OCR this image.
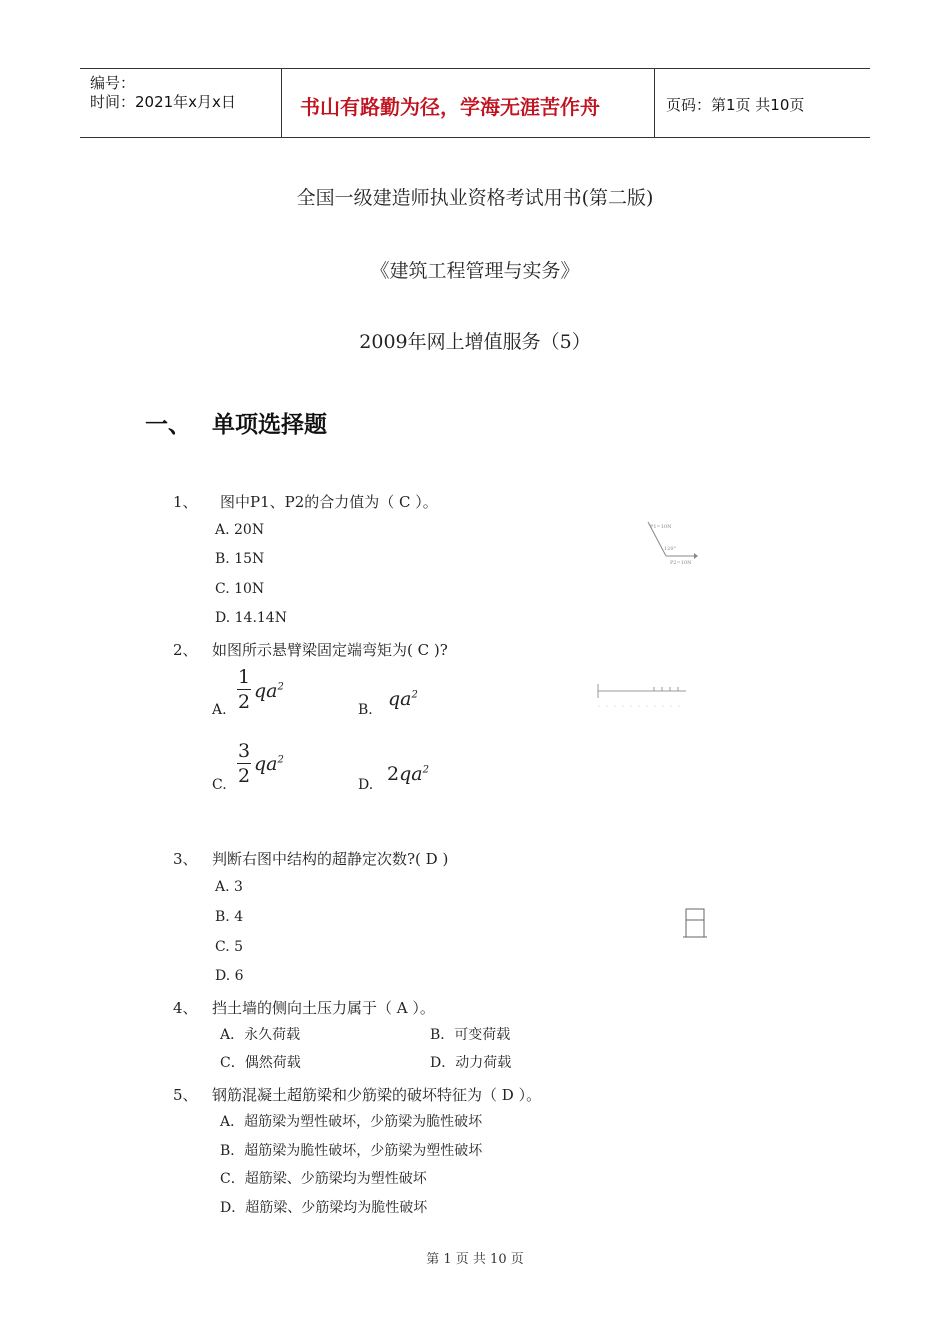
编号：
时间：2021年x月x日	书山有路勤为径，学海无涯苦作舟	页码：第1页 共10页
全国一级建造师执业资格考试用书(第二版)
《建筑工程管理与实务》
2009年网上增值服务（5）
一、 单项选择题
1、 图中P1、P2的合力值为（ C ）。
A. 20N
B. 15N
C. 10N
D. 14.14N
P1=10N
120°
P2=10N
2、 如图所示悬臂梁固定端弯矩为( C )?
A.
1
2 $qa^2$
B. $qa^2$
C.
3
2
$qa^2$
D. $2qa^2$
3、 判断右图中结构的超静定次数?( D )
A. 3
B. 4
C. 5
D. 6
4、 挡土墙的侧向土压力属于（ A ）。
A．永久荷载	B．可变荷载
C．偶然荷载	D．动力荷载
5、 钢筋混凝土超筋梁和少筋梁的破坏特征为（ D ）。
A．超筋梁为塑性破坏，少筋梁为脆性破坏
B．超筋梁为脆性破坏，少筋梁为塑性破坏
C．超筋梁、少筋梁均为塑性破坏
D．超筋梁、少筋梁均为脆性破坏
第 1 页 共 10 页
